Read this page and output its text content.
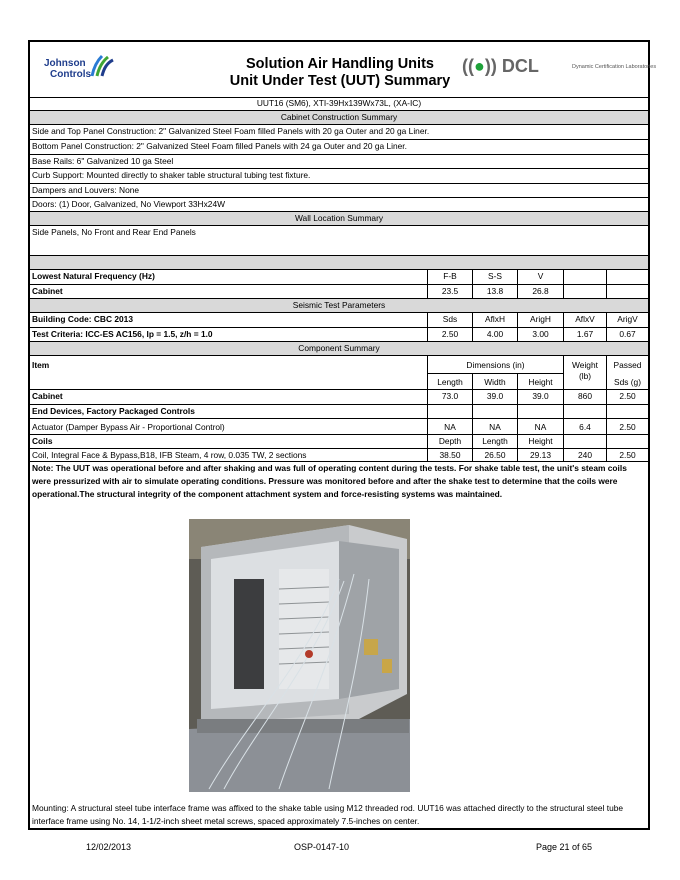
Johnson
Controls
Solution Air Handling Units
Unit Under Test (UUT) Summary
((●)) DCL	Dynamic Certification Laboratories
UUT16 (SM6), XTI-39Hx139Wx73L, (XA-IC)
Cabinet Construction Summary
Side and Top Panel Construction: 2" Galvanized Steel Foam filled Panels with 20 ga Outer and 20 ga Liner.
Bottom Panel Construction: 2" Galvanized Steel Foam filled Panels with 24 ga Outer and 20 ga Liner.
Base Rails: 6" Galvanized 10 ga Steel
Curb Support: Mounted directly to shaker table structural tubing test fixture.
Dampers and Louvers: None
Doors: (1) Door, Galvanized, No Viewport 33Hx24W
Wall Location Summary
Side Panels, No Front and Rear End Panels
Lowest Natural Frequency (Hz)	F-B	S-S	V
Cabinet	23.5	13.8	26.8
Seismic Test Parameters
Building Code: CBC 2013	Sds	AflxH	ArigH	AflxV	ArigV
Test Criteria: ICC-ES AC156, Ip = 1.5, z/h = 1.0	2.50	4.00	3.00	1.67	0.67
Component Summary
Item	Dimensions (in)	Weight	Passed
Length	Width	Height
(lb)
Sds (g)
Cabinet	73.0	39.0	39.0	860	2.50
End Devices, Factory Packaged Controls
Actuator (Damper Bypass Air - Proportional Control)	NA	NA	NA	6.4	2.50
Coils	Depth	Length	Height
Coil, Integral Face & Bypass,B18, IFB Steam, 4 row, 0.035 TW, 2 sections	38.50	26.50	29.13	240	2.50
Note: The UUT was operational before and after shaking and was full of operating content during the tests. For shake table test, the unit's steam coils were pressurized with air to simulate operating conditions. Pressure was monitored before and after the shake test to determine that the coils were operational.The structural integrity of the component attachment system and force-resisting systems was maintained.
Mounting: A structural steel tube interface frame was affixed to the shake table using M12 threaded rod. UUT16 was attached directly to the structural steel tube interface frame using No. 14, 1-1/2-inch sheet metal screws, spaced approximately 7.5-inches on center.
12/02/2013	OSP-0147-10	Page 21 of 65
